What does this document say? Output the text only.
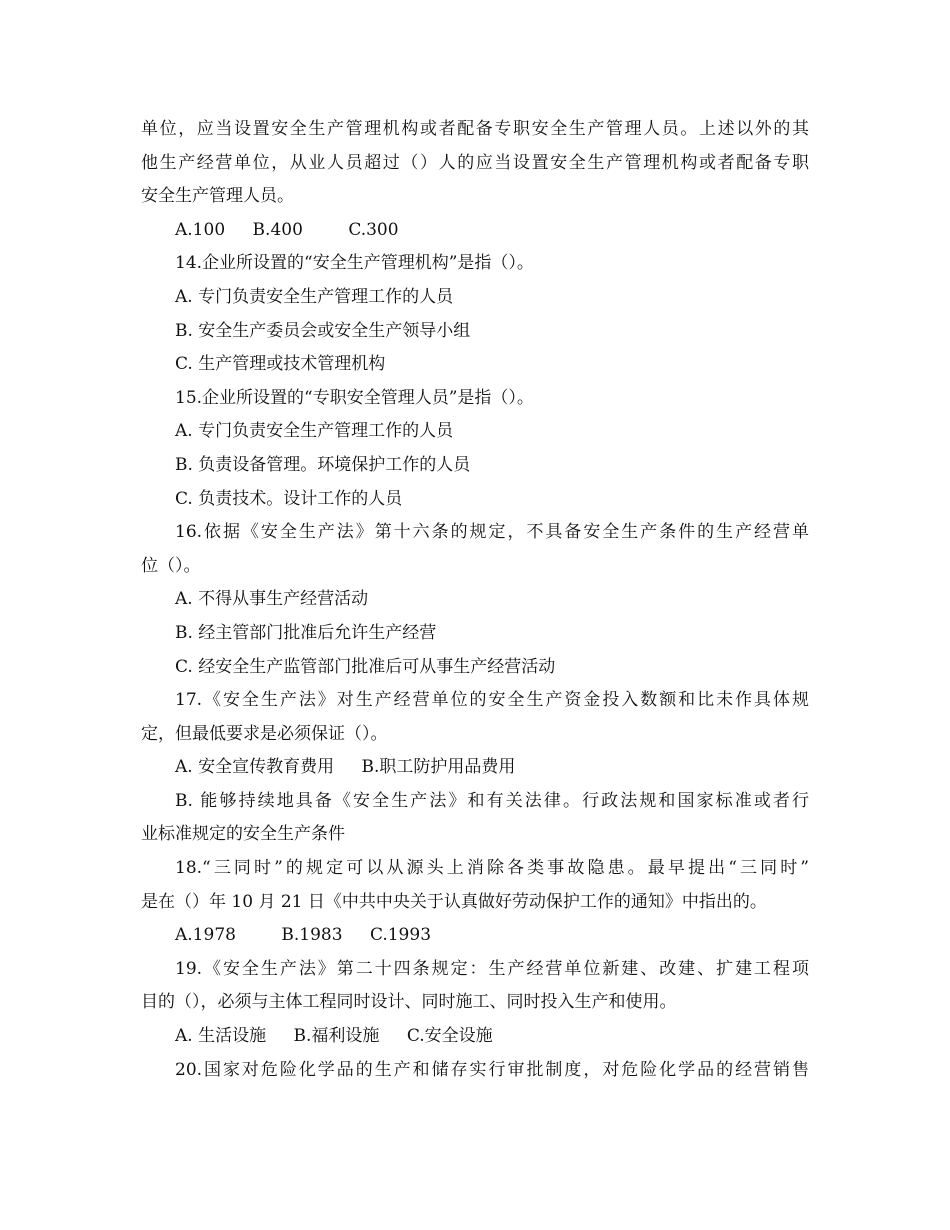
单位，应当设置安全生产管理机构或者配备专职安全生产管理人员。上述以外的其
他生产经营单位，从业人员超过（）人的应当设置安全生产管理机构或者配备专职
安全生产管理人员。
A.100 B.400	C.300
14.企业所设置的“安全生产管理机构”是指（）。
A. 专门负责安全生产管理工作的人员
B. 安全生产委员会或安全生产领导小组
C. 生产管理或技术管理机构
15.企业所设置的“专职安全管理人员”是指（）。
A. 专门负责安全生产管理工作的人员
B. 负责设备管理。环境保护工作的人员
C. 负责技术。设计工作的人员
16.依据《安全生产法》第十六条的规定，不具备安全生产条件的生产经营单
位（）。
A. 不得从事生产经营活动
B. 经主管部门批准后允许生产经营
C. 经安全生产监管部门批准后可从事生产经营活动
17.《安全生产法》对生产经营单位的安全生产资金投入数额和比未作具体规
定，但最低要求是必须保证（）。
A. 安全宣传教育费用 B.职工防护用品费用
B. 能够持续地具备《安全生产法》和有关法律。行政法规和国家标准或者行
业标准规定的安全生产条件
18.“三同时”的规定可以从源头上消除各类事故隐患。最早提出“三同时”
是在（）年 10 月 21 日《中共中央关于认真做好劳动保护工作的通知》中指出的。
A.1978	B.1983 C.1993
19.《安全生产法》第二十四条规定：生产经营单位新建、改建、扩建工程项
目的（），必须与主体工程同时设计、同时施工、同时投入生产和使用。
A. 生活设施 B.福利设施 C.安全设施
20.国家对危险化学品的生产和储存实行审批制度，对危险化学品的经营销售
